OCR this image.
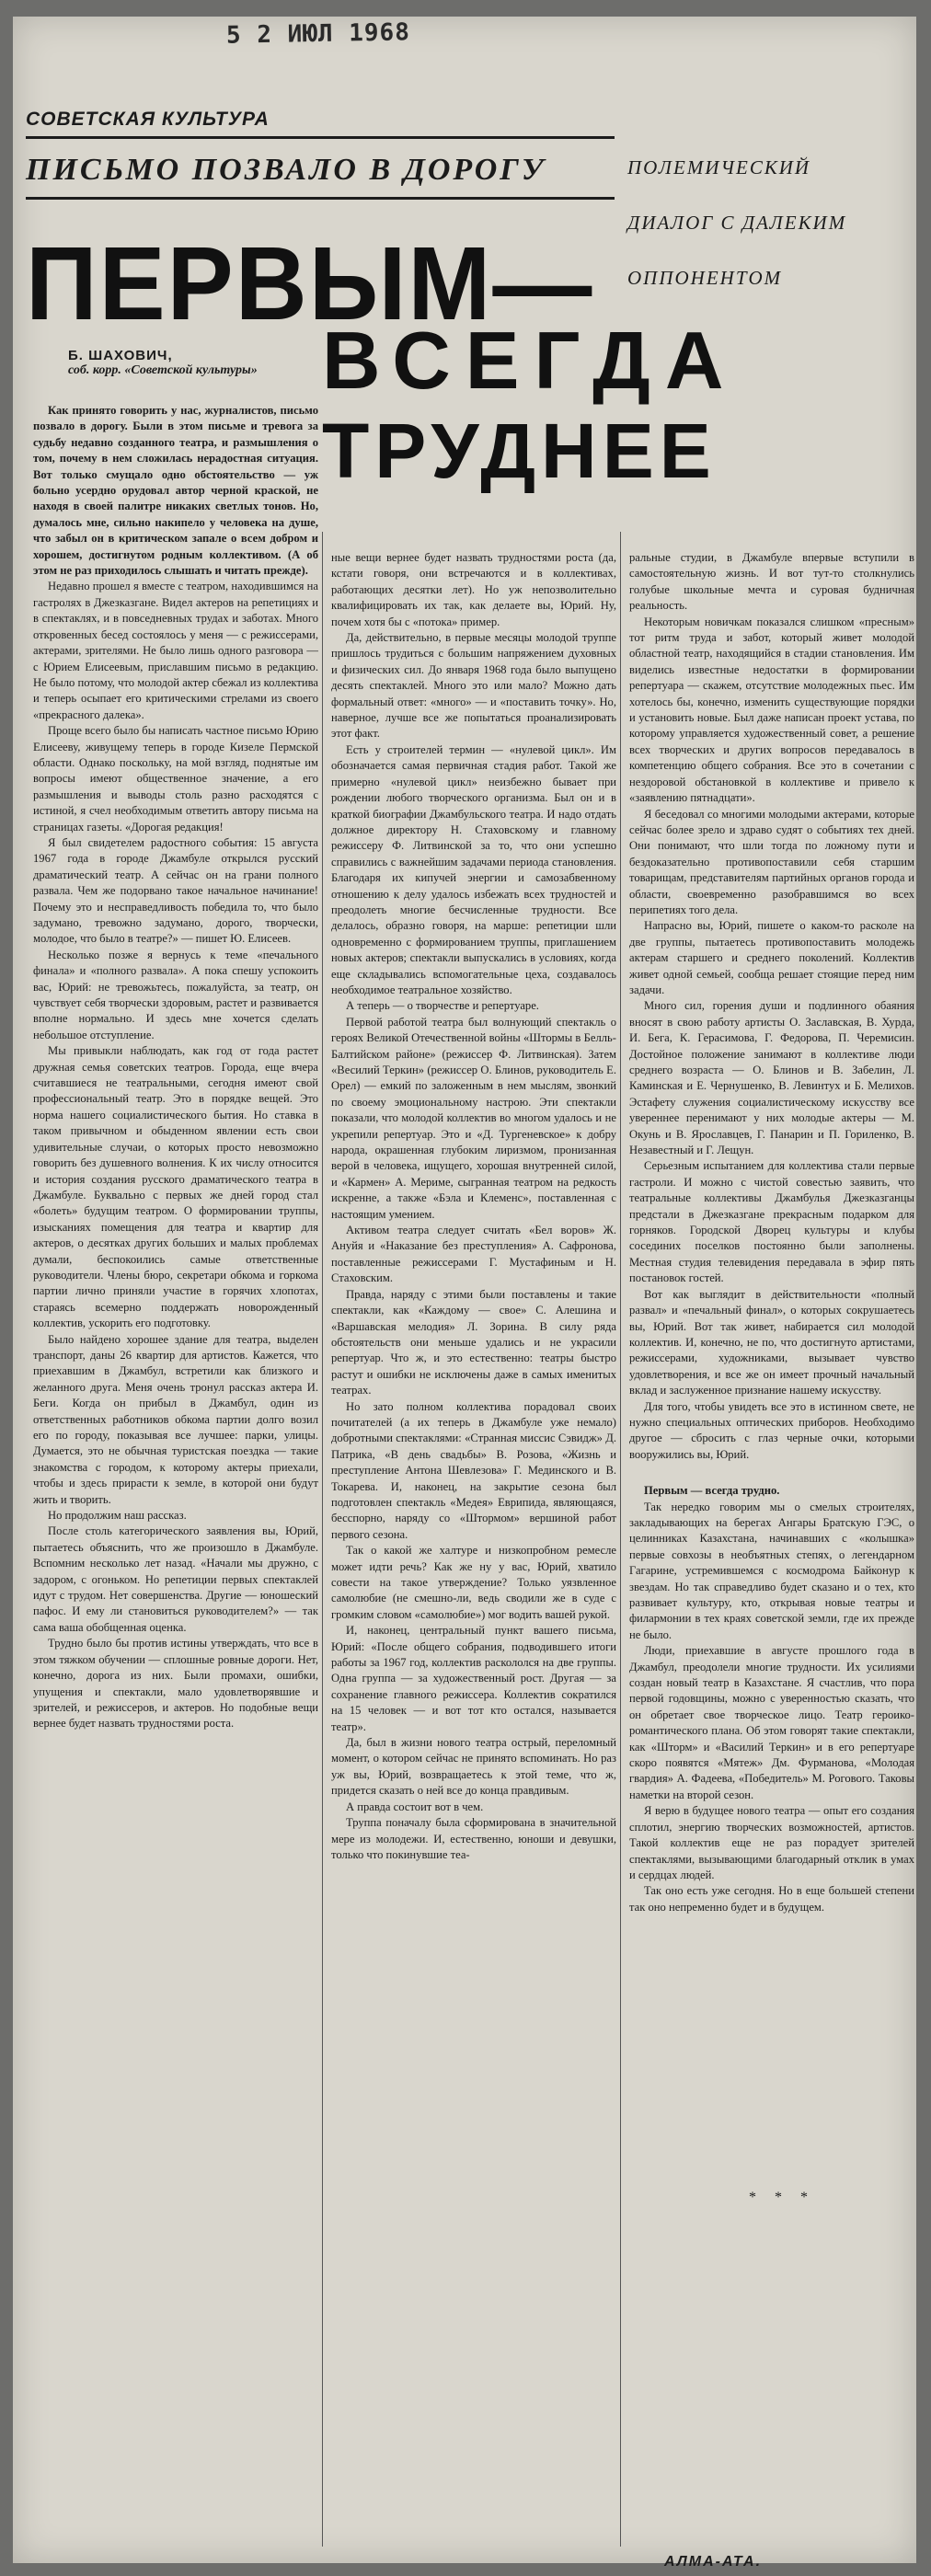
5 2 ИЮЛ 1968
СОВЕТСКАЯ КУЛЬТУРА
ПИСЬМО ПОЗВАЛО В ДОРОГУ	ПОЛЕМИЧЕСКИЙ
ДИАЛОГ С ДАЛЕКИМ
ОППОНЕНТОМ
ПЕРВЫМ—
ВСЕГДА
ТРУДНЕЕ
Б. ШАХОВИЧ,
соб. корр. «Советской культуры»

Как принято говорить у нас, журналистов, письмо позвало в дорогу. Были в этом письме и тревога за судьбу недавно созданного театра, и размышления о том, почему в нем сложилась нерадостная ситуация. Вот только смущало одно обстоятельство — уж больно усердно орудовал автор черной краской, не находя в своей палитре никаких светлых тонов. Но, думалось мне, сильно накипело у человека на душе, что забыл он в критическом запале о всем добром и хорошем, достигнутом родным коллективом. (А об этом не раз приходилось слышать и читать прежде).

Недавно прошел я вместе с театром, находившимся на гастролях в Джезказгане. Видел актеров на репетициях и в спектаклях, и в повседневных трудах и заботах. Много откровенных бесед состоялось у меня — с режиссерами, актерами, зрителями. Не было лишь одного разговора — с Юрием Елисеевым, приславшим письмо в редакцию. Не было потому, что молодой актер сбежал из коллектива и теперь осыпает его критическими стрелами из своего «прекрасного далека».

Проще всего было бы написать частное письмо Юрию Елисееву, живущему теперь в городе Кизеле Пермской области. Однако поскольку, на мой взгляд, поднятые им вопросы имеют общественное значение, а его размышления и выводы столь разно расходятся с истиной, я счел необходимым ответить автору письма на страницах газеты. «Дорогая редакция!

Я был свидетелем радостного события: 15 августа 1967 года в городе Джамбуле открылся русский драматический театр. А сейчас он на грани полного развала. Чем же подорвано такое начальное начинание! Почему это и несправедливость победила то, что было задумано, тревожно задумано, дорого, творчески, молодое, что было в театре?» — пишет Ю. Елисеев.

Несколько позже я вернусь к теме «печального финала» и «полного развала». А пока спешу успокоить вас, Юрий: не тревожьтесь, пожалуйста, за театр, он чувствует себя творчески здоровым, растет и развивается вполне нормально. И здесь мне хочется сделать небольшое отступление.

Мы привыкли наблюдать, как год от года растет дружная семья советских театров. Города, еще вчера считавшиеся не театральными, сегодня имеют свой профессиональный театр. Это в порядке вещей. Это норма нашего социалистического бытия. Но ставка в таком привычном и обыденном явлении есть свои удивительные случаи, о которых просто невозможно говорить без душевного волнения. К их числу относится и история создания русского драматического театра в Джамбуле. Буквально с первых же дней город стал «болеть» будущим театром. О формировании труппы, изысканиях помещения для театра и квартир для актеров, о десятках других больших и малых проблемах думали, беспокоились самые ответственные руководители. Члены бюро, секретари обкома и горкома партии лично приняли участие в горячих хлопотах, стараясь всемерно поддержать новорожденный коллектив, ускорить его подготовку.

Было найдено хорошее здание для театра, выделен транспорт, даны 26 квартир для артистов. Кажется, что приехавшим в Джамбул, встретили как близкого и желанного друга. Меня очень тронул рассказ актера И. Беги. Когда он прибыл в Джамбул, один из ответственных работников обкома партии долго возил его по городу, показывая все лучшее: парки, улицы. Думается, это не обычная туристская поездка — такие знакомства с городом, к которому актеры приехали, чтобы и здесь прирасти к земле, в которой они будут жить и творить.

Но продолжим наш рассказ.

После столь категорического заявления вы, Юрий, пытаетесь объяснить, что же произошло в Джамбуле. Вспомним несколько лет назад. «Начали мы дружно, с задором, с огоньком. Но репетиции первых спектаклей идут с трудом. Нет совершенства. Другие — юношеский пафос. И ему ли становиться руководителем?» — так сама ваша обобщенная оценка.

Трудно было бы против истины утверждать, что все в этом тяжком обучении — сплошные ровные дороги. Нет, конечно, дорога из них. Были промахи, ошибки, упущения и спектакли, мало удовлетворявшие и зрителей, и режиссеров, и актеров. Но подобные вещи вернее будет назвать трудностями роста.

ные вещи вернее будет назвать трудностями роста (да, кстати говоря, они встречаются и в коллективах, работающих десятки лет). Но уж непозволительно квалифицировать их так, как делаете вы, Юрий. Ну, почем хотя бы с «потока» пример.

Да, действительно, в первые месяцы молодой труппе пришлось трудиться с большим напряжением духовных и физических сил. До января 1968 года было выпущено десять спектаклей. Много это или мало? Можно дать формальный ответ: «много» — и «поставить точку». Но, наверное, лучше все же попытаться проанализировать этот факт.

Есть у строителей термин — «нулевой цикл». Им обозначается самая первичная стадия работ. Такой же примерно «нулевой цикл» неизбежно бывает при рождении любого творческого организма. Был он и в краткой биографии Джамбульского театра. И надо отдать должное директору Н. Стаховскому и главному режиссеру Ф. Литвинской за то, что они успешно справились с важнейшим задачами периода становления. Благодаря их кипучей энергии и самозабвенному отношению к делу удалось избежать всех трудностей и преодолеть многие бесчисленные трудности. Все делалось, образно говоря, на марше: репетиции шли одновременно с формированием труппы, приглашением новых актеров; спектакли выпускались в условиях, когда еще складывались вспомогательные цеха, создавалось необходимое театральное хозяйство.

А теперь — о творчестве и репертуаре.

Первой работой театра был волнующий спектакль о героях Великой Отечественной войны «Штормы в Белль-Балтийском районе» (режиссер Ф. Литвинская). Затем «Весилий Теркин» (режиссер О. Блинов, руководитель Е. Орел) — емкий по заложенным в нем мыслям, звонкий по своему эмоциональному настрою. Эти спектакли показали, что молодой коллектив во многом удалось и нe укрепили репертуар. Это и «Д. Тургеневское» к добру народа, окрашенная глубоким лиризмом, пронизанная верой в человека, ищущего, хорошая внутренней силой, и «Кармен» А. Мериме, сыгранная театром на редкость искренне, а также «Бэла и Клеменс», поставленная с настоящим умением.

Активом театра следует считать «Бел воров» Ж. Ануйя и «Наказание без преступления» А. Сафронова, поставленные режиссерами Г. Мустафиным и Н. Стаховским.

Правда, наряду с этими были поставлены и такие спектакли, как «Каждому — свое» С. Алешина и «Варшавская мелодия» Л. Зорина. В силу ряда обстоятельств они меньше удались и не украсили репертуар. Что ж, и это естественно: театры быстро растут и ошибки не исключены даже в самых именитых театрах.

Но зато полном коллектива порадовал своих почитателей (а их теперь в Джамбуле уже немало) добротными спектаклями: «Странная миссис Сэвидж» Д. Патрика, «В день свадьбы» В. Розова, «Жизнь и преступление Антона Шевлезова» Г. Мединского и В. Токарева. И, наконец, на закрытие сезона был подготовлен спектакль «Медея» Еврипида, являющаяся, бесспорно, наряду со «Штормом» вершиной работ первого сезона.

Так о какой же халтуре и низкопробном ремесле может идти речь? Как же ну у вас, Юрий, хватило совести на такое утверждение? Только уязвленное самолюбие (не смешно-ли, ведь сводили же в суде с громким словом «самолюбие») мог водить вашей рукой.

И, наконец, центральный пункт вашего письма, Юрий: «После общего собрания, подводившего итоги работы за 1967 год, коллектив раскололся на две группы. Одна группа — за художественный рост. Другая — за сохранение главного режиссера. Коллектив сократился на 15 человек — и вот тот кто остался, называется театр».

Да, был в жизни нового театра острый, переломный момент, о котором сейчас не принято вспоминать. Но раз уж вы, Юрий, возвращаетесь к этой теме, что ж, придется сказать о ней все до конца правдивым.

А правда состоит вот в чем.

Труппа поначалу была сформирована в значительной мере из молодежи. И, естественно, юноши и девушки, только что покинувшие теа-

ральные студии, в Джамбуле впервые вступили в самостоятельную жизнь. И вот тут-то столкнулись голубые школьные мечта и суровая будничная реальность.

Некоторым новичкам показался слишком «пресным» тот ритм труда и забот, который живет молодой областной театр, находящийся в стадии становления. Им виделись известные недостатки в формировании репертуара — скажем, отсутствие молодежных пьес. Им хотелось бы, конечно, изменить существующие порядки и установить новые. Был даже написан проект устава, по которому управляется художественный совет, а решение всех творческих и других вопросов передавалось в компетенцию общего собрания. Все это в сочетании с нездоровой обстановкой в коллективе и привело к «заявлению пятнадцати».

Я беседовал со многими молодыми актерами, которые сейчас более зрело и здраво судят о событиях тех дней. Они понимают, что шли тогда по ложному пути и бездоказательно противопоставили себя старшим товарищам, представителям партийных органов города и области, своевременно разобравшимся во всех перипетиях того дела.

Напрасно вы, Юрий, пишете о каком-то расколе на две группы, пытаетесь противопоставить молодежь актерам старшего и среднего поколений. Коллектив живет одной семьей, сообща решает стоящие перед ним задачи.

Много сил, горения души и подлинного обаяния вносят в свою работу артисты О. Заславская, В. Хурда, И. Бега, К. Герасимова, Г. Федорова, П. Черемисин. Достойное положение занимают в коллективе люди среднего возраста — О. Блинов и В. Забелин, Л. Каминская и Е. Чернушенко, В. Левинтух и Б. Мелихов. Эстафету служения социалистическому искусству все увереннее перенимают у них молодые актеры — М. Окунь и В. Ярославцев, Г. Панарин и П. Гориленко, В. Незавестный и Г. Лещун.

Серьезным испытанием для коллектива стали первые гастроли. И можно с чистой совестью заявить, что театральные коллективы Джамбулья Джезказганцы предстали в Джезказгане прекрасным подарком для горняков. Городской Дворец культуры и клубы сосединих поселков постоянно были заполнены. Местная студия телевидения передавала в эфир пять постановок гостей.

Вот как выглядит в действительности «полный развал» и «печальный финал», о которых сокрушаетесь вы, Юрий. Вот так живет, набирается сил молодой коллектив. И, конечно, не по, что достигнуто артистами, режиссерами, художниками, вызывает чувство удовлетворения, и все же он имеет прочный начальный вклад и заслуженное признание нашему искусству.

Для того, чтобы увидеть все это в истинном свете, не нужно специальных оптических приборов. Необходимо другое — сбросить с глаз черные очки, которыми вооружились вы, Юрий.

Первым — всегда трудно.

Так нередко говорим мы о смелых строителях, закладывающих на берегах Ангары Братскую ГЭС, о целинниках Казахстана, начинавших с «колышка» первые совхозы в необъятных степях, о легендарном Гагарине, устремившемся с космодрома Байконур к звездам. Но так справедливо будет сказано и о тех, кто развивает культуру, кто, открывая новые театры и филармонии в тех краях советской земли, где их прежде не было.

Люди, приехавшие в августе прошлого года в Джамбул, преодолели многие трудности. Их усилиями создан новый театр в Казахстане. Я счастлив, что пора первой годовщины, можно с уверенностью сказать, что он обретает свое творческое лицо. Театр героико-романтического плана. Об этом говорят такие спектакли, как «Шторм» и «Василий Теркин» и в его репертуаре скоро появятся «Мятеж» Дм. Фурманова, «Молодая гвардия» А. Фадеева, «Победитель» М. Рогового. Таковы наметки на второй сезон.

Я верю в будущее нового театра — опыт его создания сплотил, энергию творческих возможностей, артистов. Такой коллектив еще не раз порадует зрителей спектаклями, вызывающими благодарный отклик в умах и сердцах людей.

Так оно есть уже сегодня. Но в еще большей степени так оно непременно будет и в будущем.

* * *
АЛМА-АТА.
